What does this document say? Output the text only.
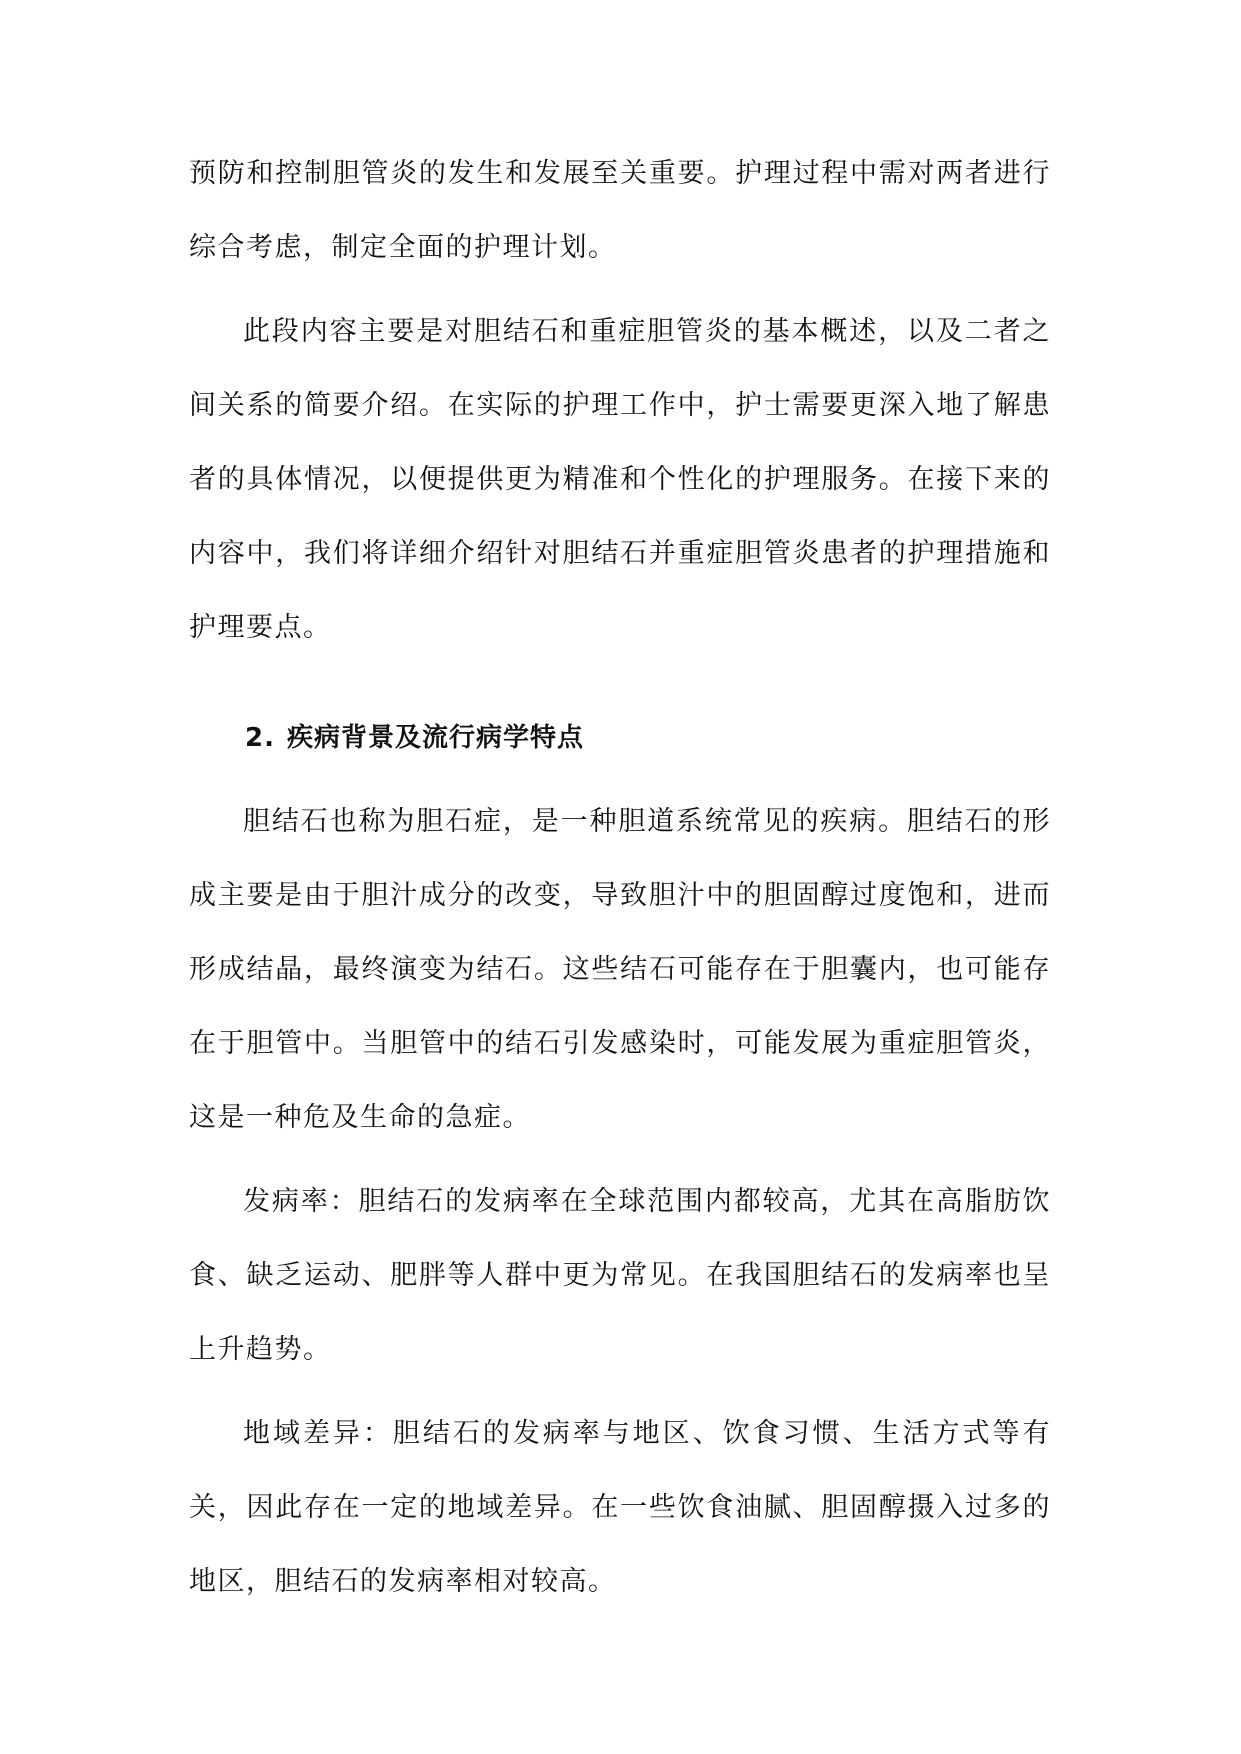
预防和控制胆管炎的发生和发展至关重要。护理过程中需对两者进行综合考虑，制定全面的护理计划。

此段内容主要是对胆结石和重症胆管炎的基本概述，以及二者之间关系的简要介绍。在实际的护理工作中，护士需要更深入地了解患者的具体情况，以便提供更为精准和个性化的护理服务。在接下来的内容中，我们将详细介绍针对胆结石并重症胆管炎患者的护理措施和护理要点。

2. 疾病背景及流行病学特点

胆结石也称为胆石症，是一种胆道系统常见的疾病。胆结石的形成主要是由于胆汁成分的改变，导致胆汁中的胆固醇过度饱和，进而形成结晶，最终演变为结石。这些结石可能存在于胆囊内，也可能存在于胆管中。当胆管中的结石引发感染时，可能发展为重症胆管炎，这是一种危及生命的急症。

发病率：胆结石的发病率在全球范围内都较高，尤其在高脂肪饮食、缺乏运动、肥胖等人群中更为常见。在我国胆结石的发病率也呈上升趋势。

地域差异：胆结石的发病率与地区、饮食习惯、生活方式等有关，因此存在一定的地域差异。在一些饮食油腻、胆固醇摄入过多的地区，胆结石的发病率相对较高。
